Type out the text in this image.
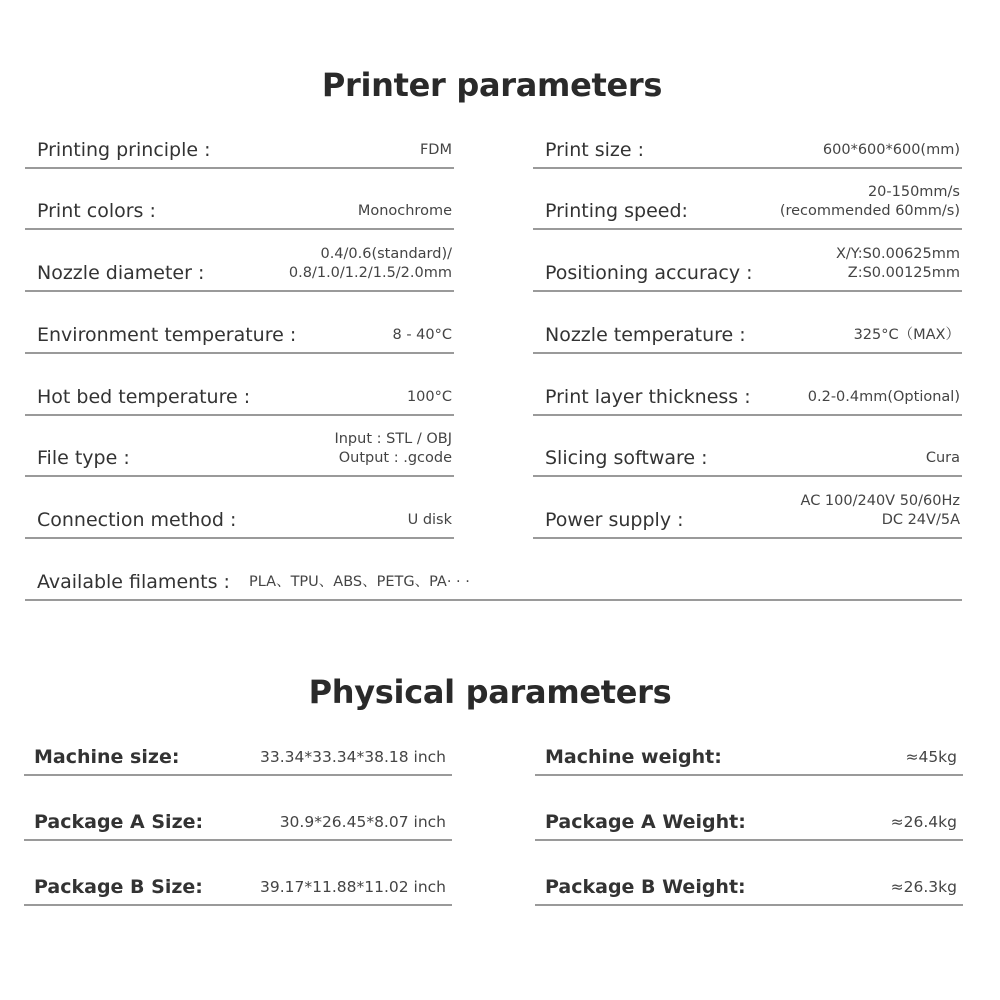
Printer parameters
Printing principle :	FDM
Print colors :	Monochrome
Nozzle diameter :
0.4/0.6(standard)/
0.8/1.0/1.2/1.5/2.0mm
Environment temperature :	8 - 40°C
Hot bed temperature :	100°C
File type :
Input : STL / OBJ
Output : .gcode
Connection method :	U disk
Print size :	600*600*600(mm)
Printing speed:
20-150mm/s
(recommended 60mm/s)
Positioning accuracy :
X/Y:S0.00625mm
Z:S0.00125mm
Nozzle temperature :	325°C（MAX）
Print layer thickness :	0.2-0.4mm(Optional)
Slicing software :	Cura
Power supply :
AC 100/240V 50/60Hz
DC 24V/5A
Available filaments : PLA、TPU、ABS、PETG、PA· · ·
Physical parameters
Machine size:	33.34*33.34*38.18 inch
Package A Size:	30.9*26.45*8.07 inch
Package B Size:	39.17*11.88*11.02 inch
Machine weight:	≈45kg
Package A Weight:	≈26.4kg
Package B Weight:	≈26.3kg
